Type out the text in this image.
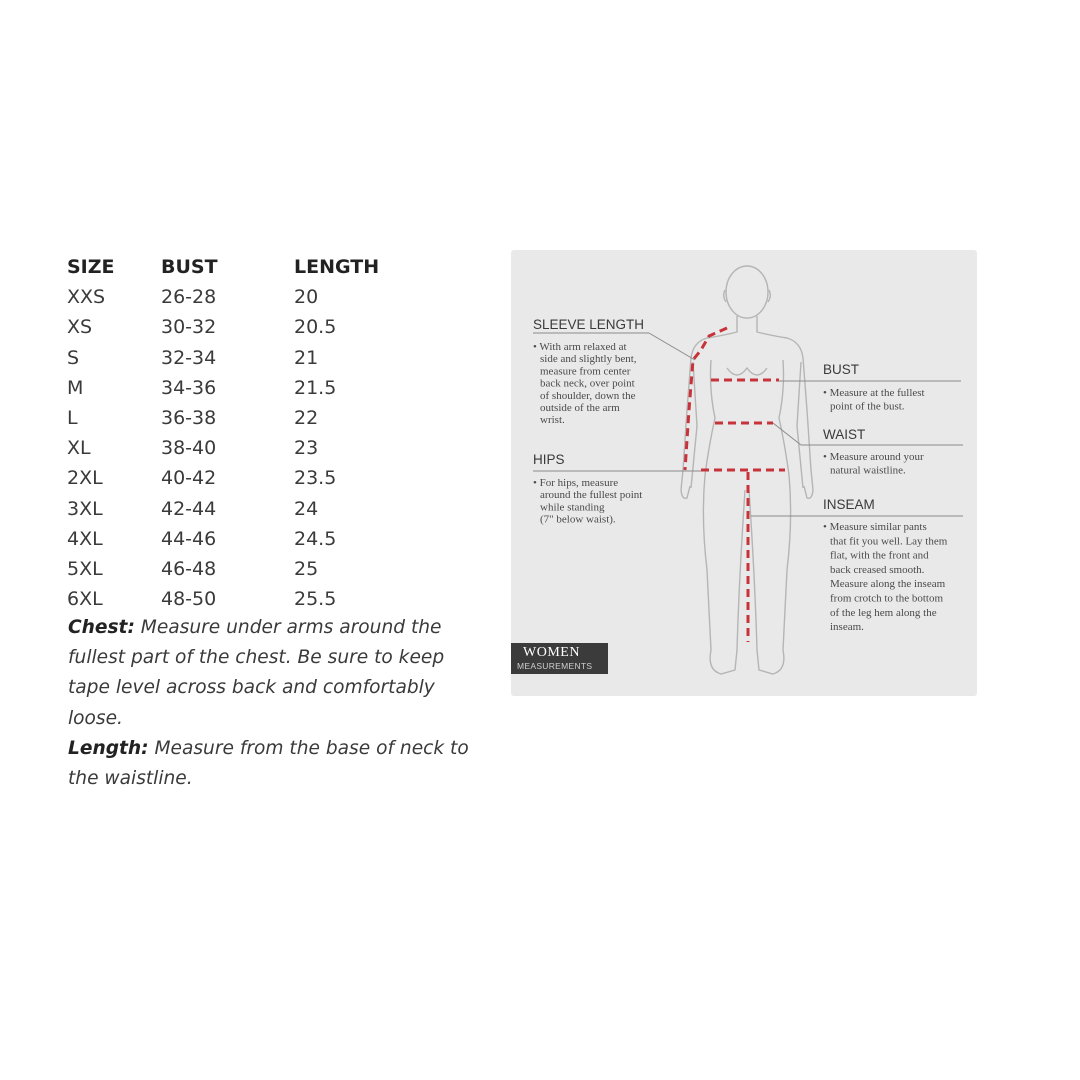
SIZE	BUST	LENGTH
XXS	26-28	20
XS	30-32	20.5
S	32-34	21
M	34-36	21.5
L	36-38	22
XL	38-40	23
2XL	40-42	23.5
3XL	42-44	24
4XL	44-46	24.5
5XL	46-48	25
6XL	48-50	25.5

Chest: Measure under arms around the fullest part of the chest. Be sure to keep tape level across back and comfortably loose.

Length: Measure from the base of neck to the waistline.

SLEEVE LENGTH
• With arm relaxed at
side and slightly bent,
measure from center
back neck, over point
of shoulder, down the
outside of the arm
wrist.
HIPS
• For hips, measure
around the fullest point
while standing
(7" below waist).
BUST
• Measure at the fullest
point of the bust.
WAIST
• Measure around your
natural waistline.
INSEAM
• Measure similar pants
that fit you well. Lay them
flat, with the front and
back creased smooth.
Measure along the inseam
from crotch to the bottom
of the leg hem along the
inseam.
WOMEN
MEASUREMENTS
